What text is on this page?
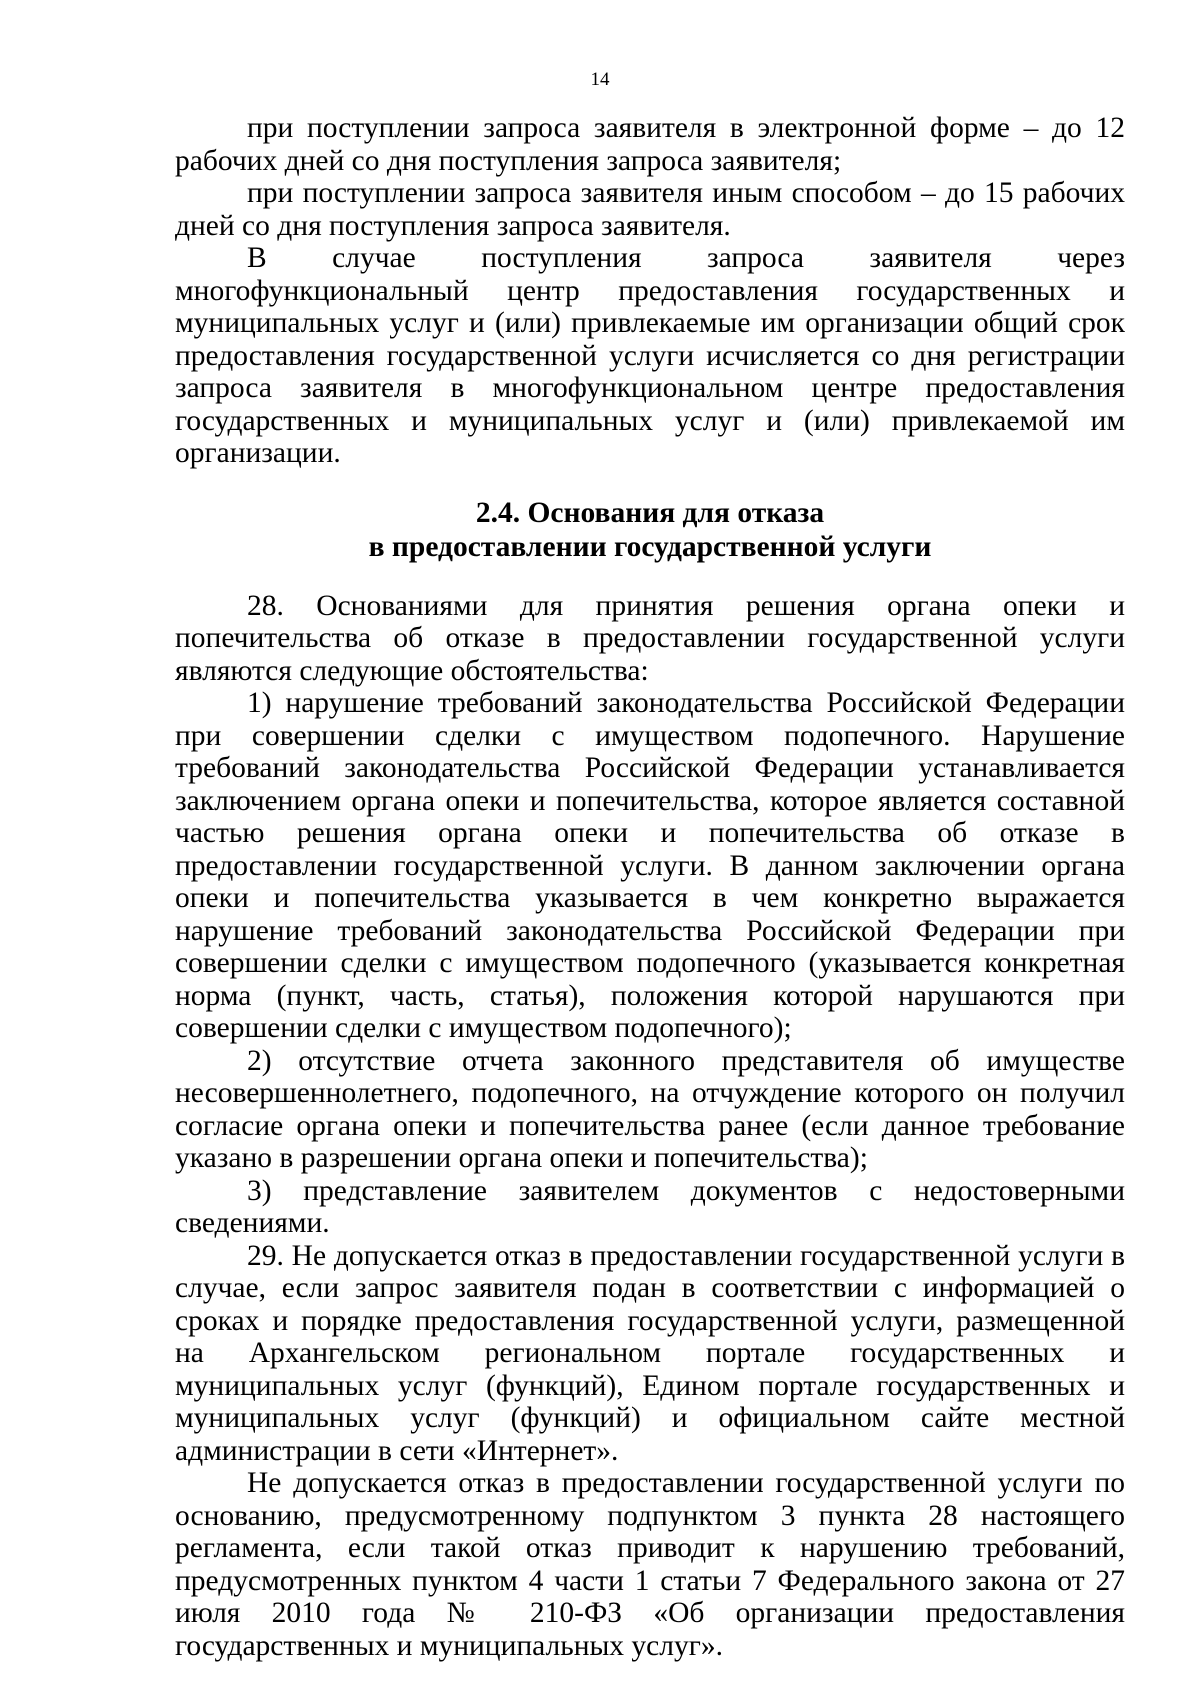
14

при поступлении запроса заявителя в электронной форме – до 12 рабочих дней со дня поступления запроса заявителя;

при поступлении запроса заявителя иным способом – до 15 рабочих дней со дня поступления запроса заявителя.

В случае поступления запроса заявителя через многофункциональный центр предоставления государственных и муниципальных услуг и (или) привлекаемые им организации общий срок предоставления государственной услуги исчисляется со дня регистрации запроса заявителя в многофункциональном центре предоставления государственных и муниципальных услуг и (или) привлекаемой им организации.

2.4. Основания для отказа
в предоставлении государственной услуги

28. Основаниями для принятия решения органа опеки и попечительства об отказе в предоставлении государственной услуги являются следующие обстоятельства:

1) нарушение требований законодательства Российской Федерации при совершении сделки с имуществом подопечного. Нарушение требований законодательства Российской Федерации устанавливается заключением органа опеки и попечительства, которое является составной частью решения органа опеки и попечительства об отказе в предоставлении государственной услуги. В данном заключении органа опеки и попечительства указывается в чем конкретно выражается нарушение требований законодательства Российской Федерации при совершении сделки с имуществом подопечного (указывается конкретная норма (пункт, часть, статья), положения которой нарушаются при совершении сделки с имуществом подопечного);

2) отсутствие отчета законного представителя об имуществе несовершеннолетнего, подопечного, на отчуждение которого он получил согласие органа опеки и попечительства ранее (если данное требование указано в разрешении органа опеки и попечительства);

3) представление заявителем документов с недостоверными сведениями.

29. Не допускается отказ в предоставлении государственной услуги в случае, если запрос заявителя подан в соответствии с информацией о сроках и порядке предоставления государственной услуги, размещенной на Архангельском региональном портале государственных и муниципальных услуг (функций), Едином портале государственных и муниципальных услуг (функций) и официальном сайте местной администрации в сети «Интернет».

Не допускается отказ в предоставлении государственной услуги по основанию, предусмотренному подпунктом 3 пункта 28 настоящего регламента, если такой отказ приводит к нарушению требований, предусмотренных пунктом 4 части 1 статьи 7 Федерального закона от 27 июля 2010 года № 210-ФЗ «Об организации предоставления государственных и муниципальных услуг».
